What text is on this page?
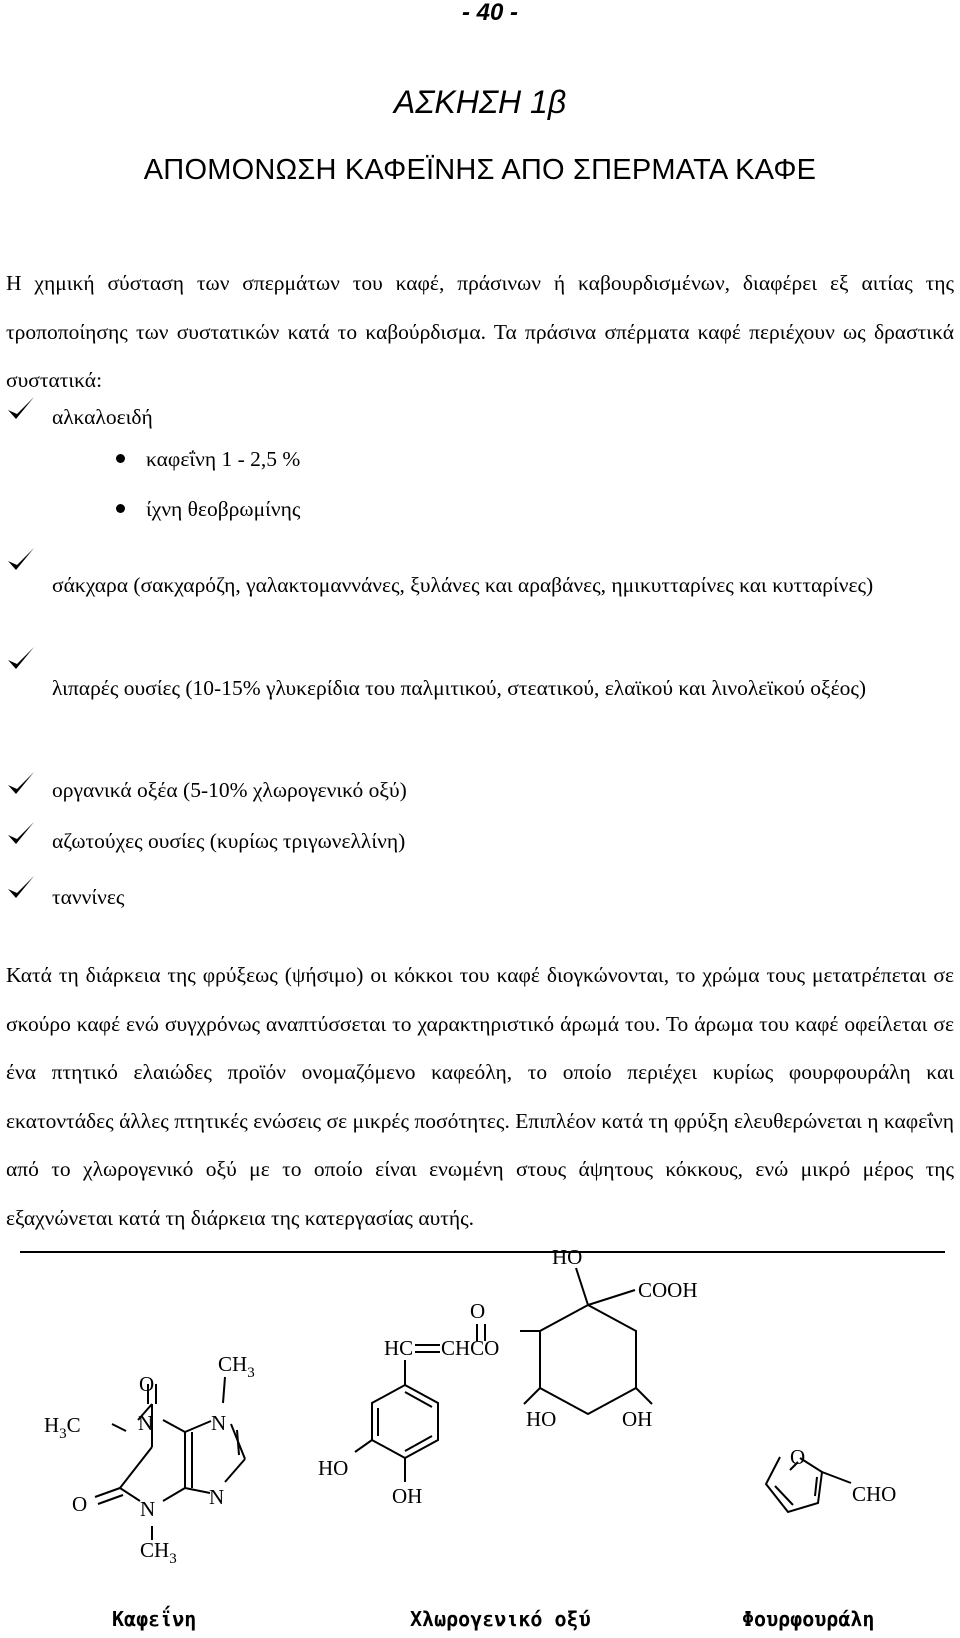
- 40 -
ΑΣΚΗΣΗ 1β
ΑΠΟΜΟΝΩΣΗ ΚΑΦΕΪΝΗΣ ΑΠΟ ΣΠΕΡΜΑΤΑ ΚΑΦΕ
Η χημική σύσταση των σπερμάτων του καφέ, πράσινων ή καβουρδισμένων, διαφέρει εξ αιτίας της τροποποίησης των συστατικών κατά το καβούρδισμα. Τα πράσινα σπέρματα καφέ περιέχουν ως δραστικά συστατικά:
αλκαλοειδή
καφεΐνη 1 - 2,5 %
ίχνη θεοβρωμίνης
σάκχαρα (σακχαρόζη, γαλακτομαννάνες, ξυλάνες και αραβάνες, ημικυτταρίνες και κυτταρίνες)
λιπαρές ουσίες (10-15% γλυκερίδια του παλμιτικού, στεατικού, ελαϊκού και λινολεϊκού οξέος)
οργανικά οξέα (5-10% χλωρογενικό οξύ)
αζωτούχες ουσίες (κυρίως τριγωνελλίνη)
ταννίνες
Κατά τη διάρκεια της φρύξεως (ψήσιμο) οι κόκκοι του καφέ διογκώνονται, το χρώμα τους μετατρέπεται σε σκούρο καφέ ενώ συγχρόνως αναπτύσσεται το χαρακτηριστικό άρωμά του. Το άρωμα του καφέ οφείλεται σε ένα πτητικό ελαιώδες προϊόν ονομαζόμενο καφεόλη, το οποίο περιέχει κυρίως φουρφουράλη και εκατοντάδες άλλες πτητικές ενώσεις σε μικρές ποσότητες. Επιπλέον κατά τη φρύξη ελευθερώνεται η καφεΐνη από το χλωρογενικό οξύ με το οποίο είναι ενωμένη στους άψητους κόκκους, ενώ μικρό μέρος της εξαχνώνεται κατά τη διάρκεια της κατεργασίας αυτής.
O
$CH_3$
$H_3C$	N	N
O	N	N
$CH_3$
HO
COOH
O
HC CHCO
HO	OH
HO
OH
O
CHO
Καφεΐνη	Χλωρογενικό οξύ	Φουρφουράλη
